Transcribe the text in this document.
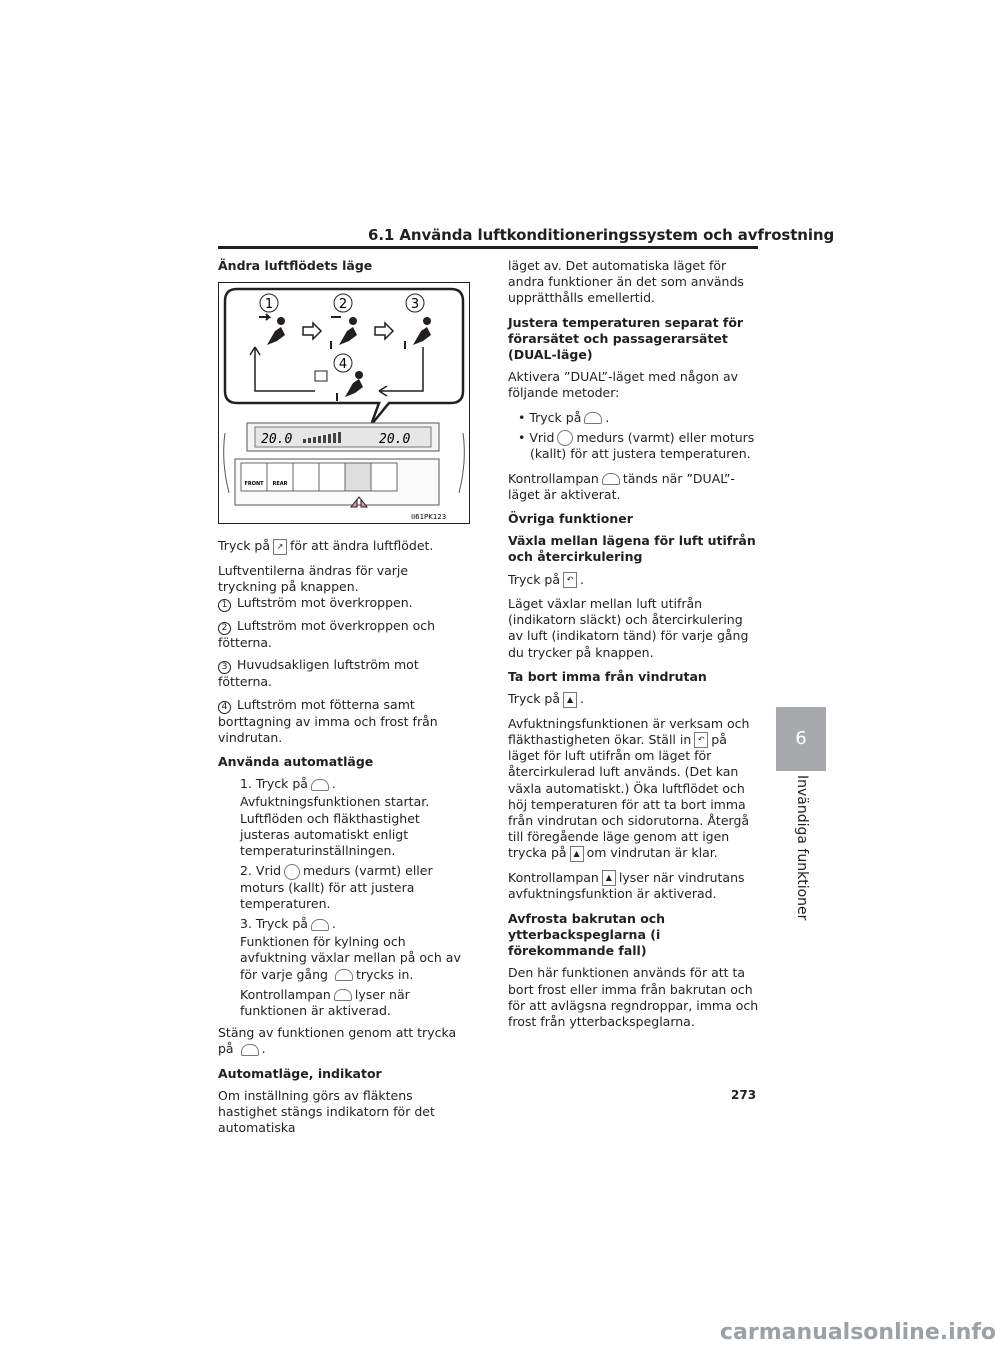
6.1 Använda luftkonditioneringssystem och avfrostning

Ändra luftflödets läge

1	2	3
4
20.0	20.0
FRONT REAR
II61PK123

Tryck på ↗ för att ändra luftflödet.

Luftventilerna ändras för varje tryckning på knappen.

1 Luftström mot överkroppen.

2 Luftström mot överkroppen och fötterna.

3 Huvudsakligen luftström mot fötterna.

4 Luftström mot fötterna samt borttagning av imma och frost från vindrutan.

Använda automatläge

1. Tryck på .

Avfuktningsfunktionen startar. Luftflöden och fläkthastighet justeras automatiskt enligt temperaturinställningen.

2. Vrid medurs (varmt) eller moturs (kallt) för att justera temperaturen.

3. Tryck på .

Funktionen för kylning och avfuktning växlar mellan på och av för varje gång trycks in.

Kontrollampan lyser när funktionen är aktiverad.

Stäng av funktionen genom att trycka på .

Automatläge, indikator

Om inställning görs av fläktens hastighet stängs indikatorn för det automatiska

läget av. Det automatiska läget för andra funktioner än det som används upprätthålls emellertid.

Justera temperaturen separat för förarsätet och passagerarsätet (DUAL-läge)

Aktivera ”DUAL”-läget med någon av följande metoder:

• Tryck på .

• Vrid medurs (varmt) eller moturs (kallt) för att justera temperaturen.

Kontrollampan tänds när ”DUAL”-läget är aktiverat.

Övriga funktioner

Växla mellan lägena för luft utifrån och återcirkulering

Tryck på ↶ .

Läget växlar mellan luft utifrån (indikatorn släckt) och återcirkulering av luft (indikatorn tänd) för varje gång du trycker på knappen.

Ta bort imma från vindrutan

Tryck på ▲ .

Avfuktningsfunktionen är verksam och fläkthastigheten ökar. Ställ in ↶ på läget för luft utifrån om läget för återcirkulerad luft används. (Det kan växla automatiskt.) Öka luftflödet och höj temperaturen för att ta bort imma från vindrutan och sidorutorna. Återgå till föregående läge genom att igen trycka på ▲ om vindrutan är klar.

Kontrollampan ▲ lyser när vindrutans avfuktningsfunktion är aktiverad.

Avfrosta bakrutan och ytterbackspeglarna (i förekommande fall)

Den här funktionen används för att ta bort frost eller imma från bakrutan och för att avlägsna regndroppar, imma och frost från ytterbackspeglarna.

6
Invändiga funktioner
273
carmanualsonline.info
